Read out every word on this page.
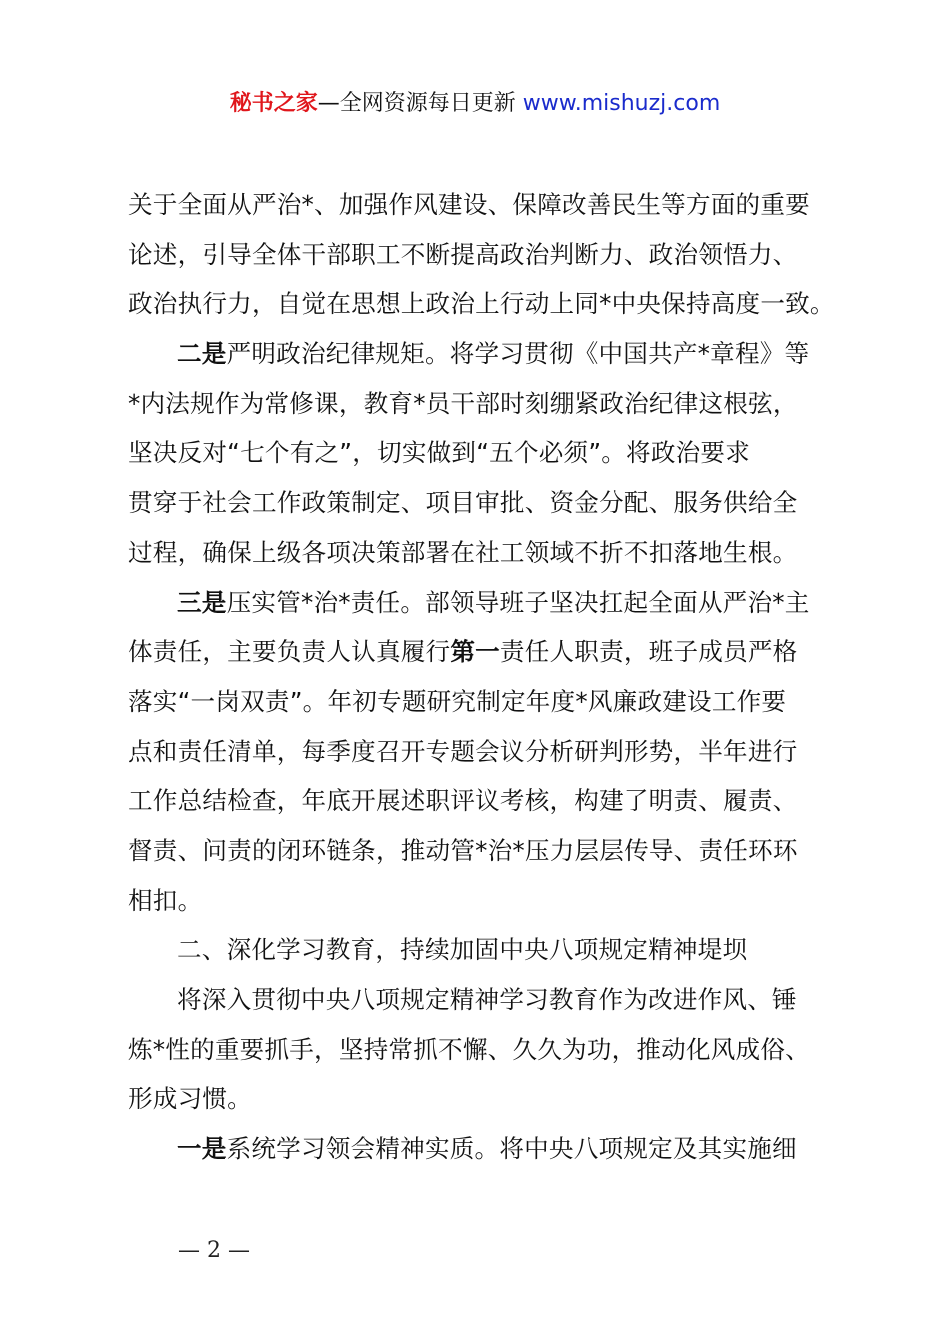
秘书之家—全网资源每日更新 www.mishuzj.com
关于全面从严治*、加强作风建设、保障改善民生等方面的重要
论述，引导全体干部职工不断提高政治判断力、政治领悟力、
政治执行力，自觉在思想上政治上行动上同*中央保持高度一致。
二是严明政治纪律规矩。将学习贯彻《中国共产*章程》等
*内法规作为常修课，教育*员干部时刻绷紧政治纪律这根弦，
坚决反对“七个有之”，切实做到“五个必须”。将政治要求
贯穿于社会工作政策制定、项目审批、资金分配、服务供给全
过程，确保上级各项决策部署在社工领域不折不扣落地生根。
三是压实管*治*责任。部领导班子坚决扛起全面从严治*主
体责任，主要负责人认真履行第一责任人职责，班子成员严格
落实“一岗双责”。年初专题研究制定年度*风廉政建设工作要
点和责任清单，每季度召开专题会议分析研判形势，半年进行
工作总结检查，年底开展述职评议考核，构建了明责、履责、
督责、问责的闭环链条，推动管*治*压力层层传导、责任环环
相扣。
二、深化学习教育，持续加固中央八项规定精神堤坝
将深入贯彻中央八项规定精神学习教育作为改进作风、锤
炼*性的重要抓手，坚持常抓不懈、久久为功，推动化风成俗、
形成习惯。
一是系统学习领会精神实质。将中央八项规定及其实施细
— 2 —
